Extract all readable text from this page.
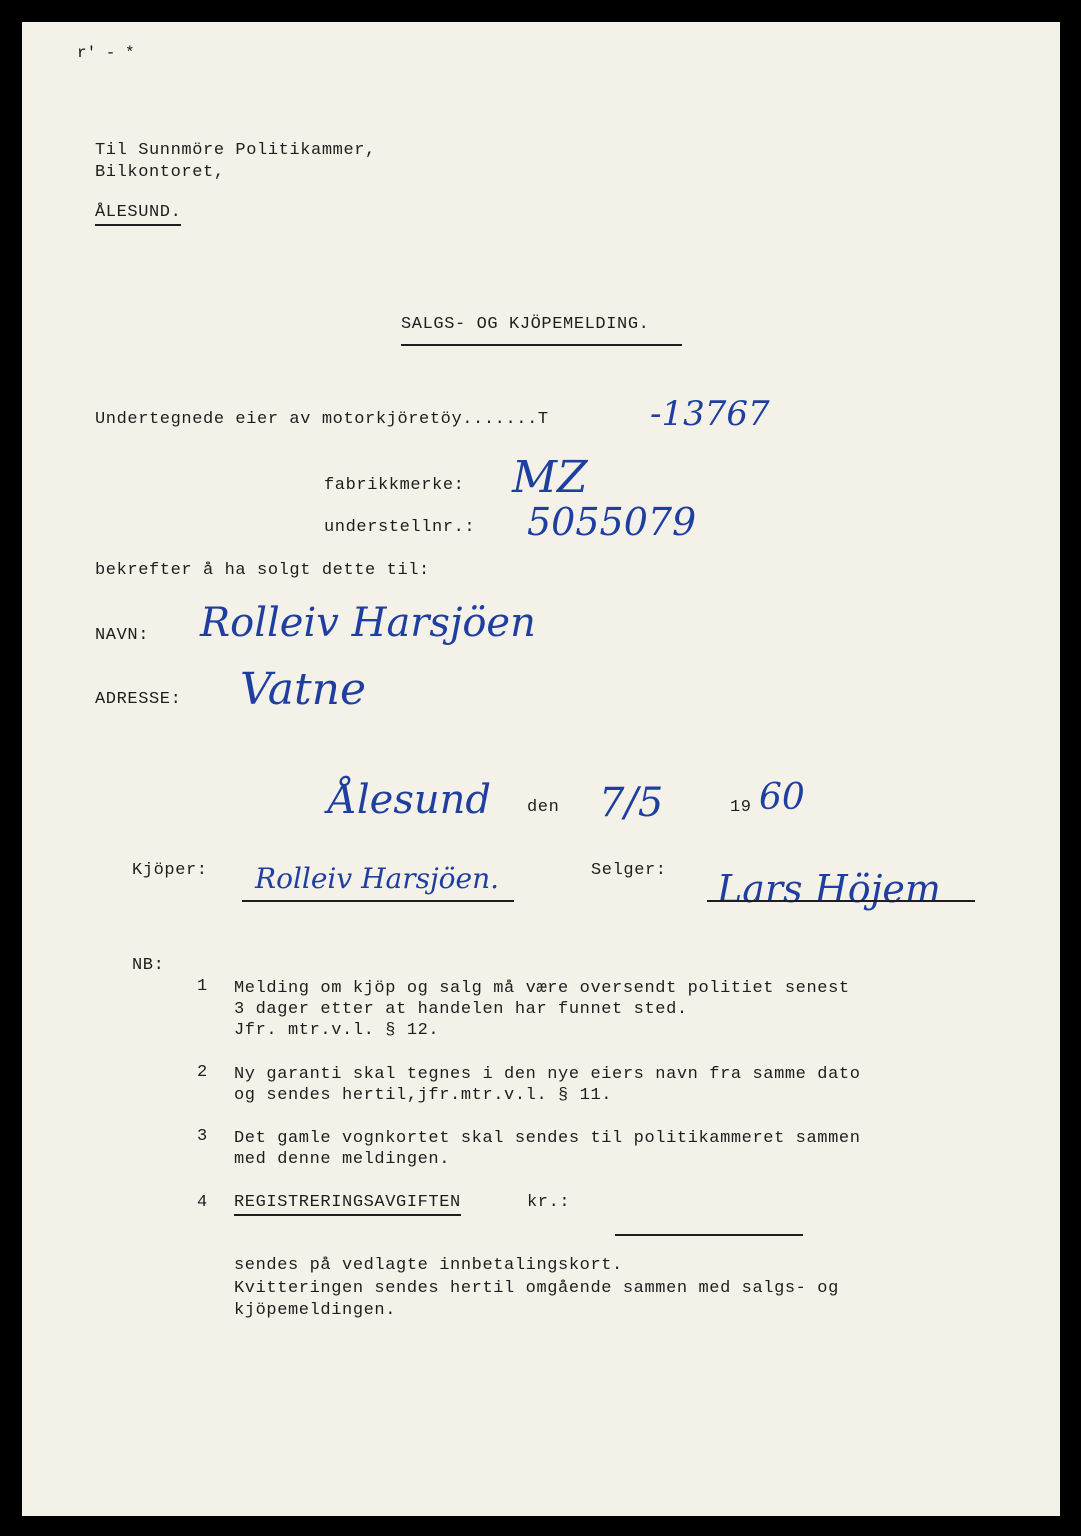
r' - *
Til Sunnmöre Politikammer,
Bilkontoret,
ÅLESUND.
SALGS- OG KJÖPEMELDING.
Undertegnede eier av motorkjöretöy.......T	-13767
fabrikkmerke: MZ
understellnr.: 5055079
bekrefter å ha solgt dette til:
NAVN: Rolleiv Harsjöen
ADRESSE: Vatne
Ålesund den 7/5	19 60
Kjöper: Rolleiv Harsjöen.	Selger: Lars Höjem
NB:
1 Melding om kjöp og salg må være oversendt politiet senest
3 dager etter at handelen har funnet sted.
Jfr. mtr.v.l. § 12.
2 Ny garanti skal tegnes i den nye eiers navn fra samme dato
og sendes hertil,jfr.mtr.v.l. § 11.
3 Det gamle vognkortet skal sendes til politikammeret sammen
med denne meldingen.
4 REGISTRERINGSAVGIFTEN	kr.:
sendes på vedlagte innbetalingskort.
Kvitteringen sendes hertil omgående sammen med salgs- og
kjöpemeldingen.
